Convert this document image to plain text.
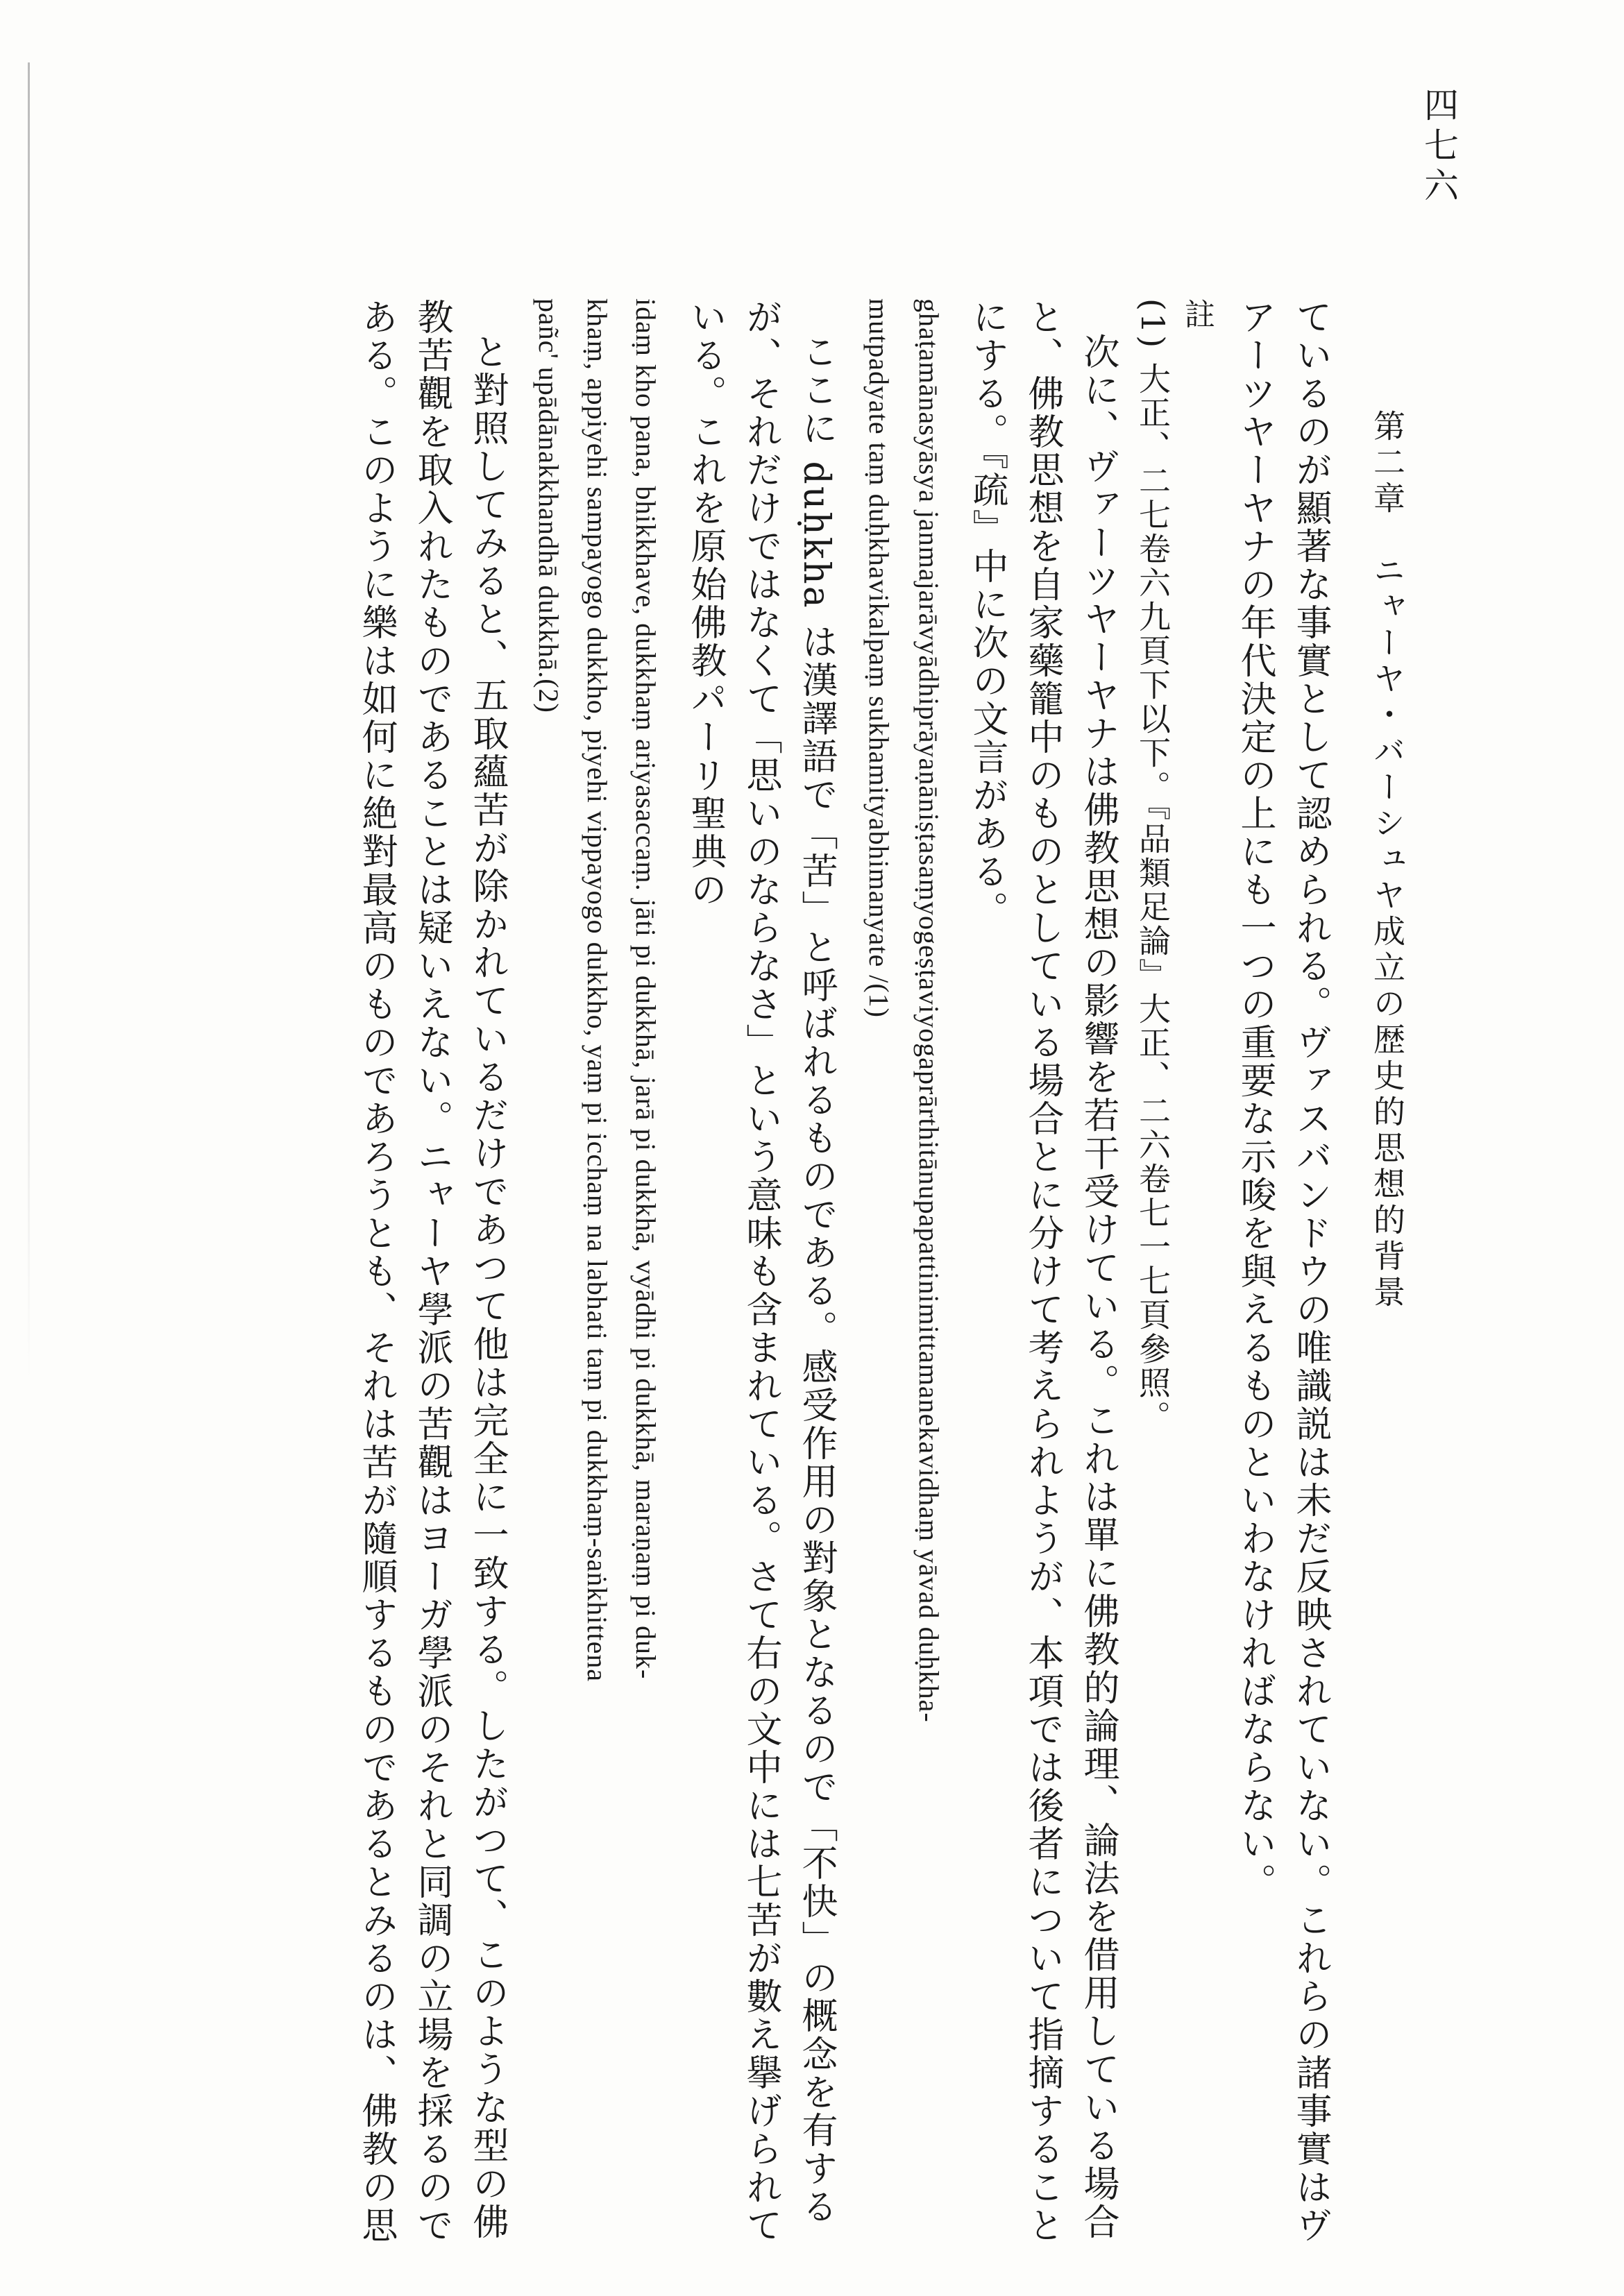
四七六
第二章　ニャーヤ・バーシュヤ成立の歴史的思想的背景
ているのが顯著な事實として認められる。ヴァスバンドウの唯識説は未だ反映されていない。これらの諸事實はヴ
アーツヤーヤナの年代決定の上にも一つの重要な示唆を與えるものといわなければならない。
註
(1) 大正、二七卷六九頁下以下。『品類足論』大正、二六卷七一七頁參照。
次に、ヴァーツヤーヤナは佛教思想の影響を若干受けている。これは單に佛教的論理、論法を借用している場合
と、佛教思想を自家藥籠中のものとしている場合とに分けて考えられようが、本項では後者について指摘すること
にする。『疏』中に次の文言がある。
ghaṭamānasyāsya janmajarāvyādhiprāyaṇāniṣṭasaṃyogeṣṭaviyogaprārthitānupapattinimittamanekavidhaṃ yāvad duḥkha-
mutpadyate taṃ duḥkhavikalpaṃ sukhamityabhimanyate /(1)
ここに duḥkha は漢譯語で「苦」と呼ばれるものである。感受作用の對象となるので「不快」の概念を有する
が、それだけではなくて「思いのならなさ」という意味も含まれている。さて右の文中には七苦が數え擧げられて
いる。これを原始佛教パーリ聖典の
idaṃ kho pana, bhikkhave, dukkhaṃ ariyasaccaṃ. jāti pi dukkhā, jarā pi dukkhā, vyādhi pi dukkhā, maraṇaṃ pi duk-
khaṃ, appiyehi sampayogo dukkho, piyehi vippayogo dukkho, yaṃ pi icchaṃ na labhati taṃ pi dukkhaṃ-saṅkhittena
pañc' upādānakkhandhā dukkhā.(2)
と對照してみると、五取蘊苦が除かれているだけであつて他は完全に一致する。したがつて、このような型の佛
教苦觀を取入れたものであることは疑いえない。ニャーヤ學派の苦觀はヨーガ學派のそれと同調の立場を採るので
ある。このように樂は如何に絶對最高のものであろうとも、それは苦が隨順するものであるとみるのは、佛教の思
